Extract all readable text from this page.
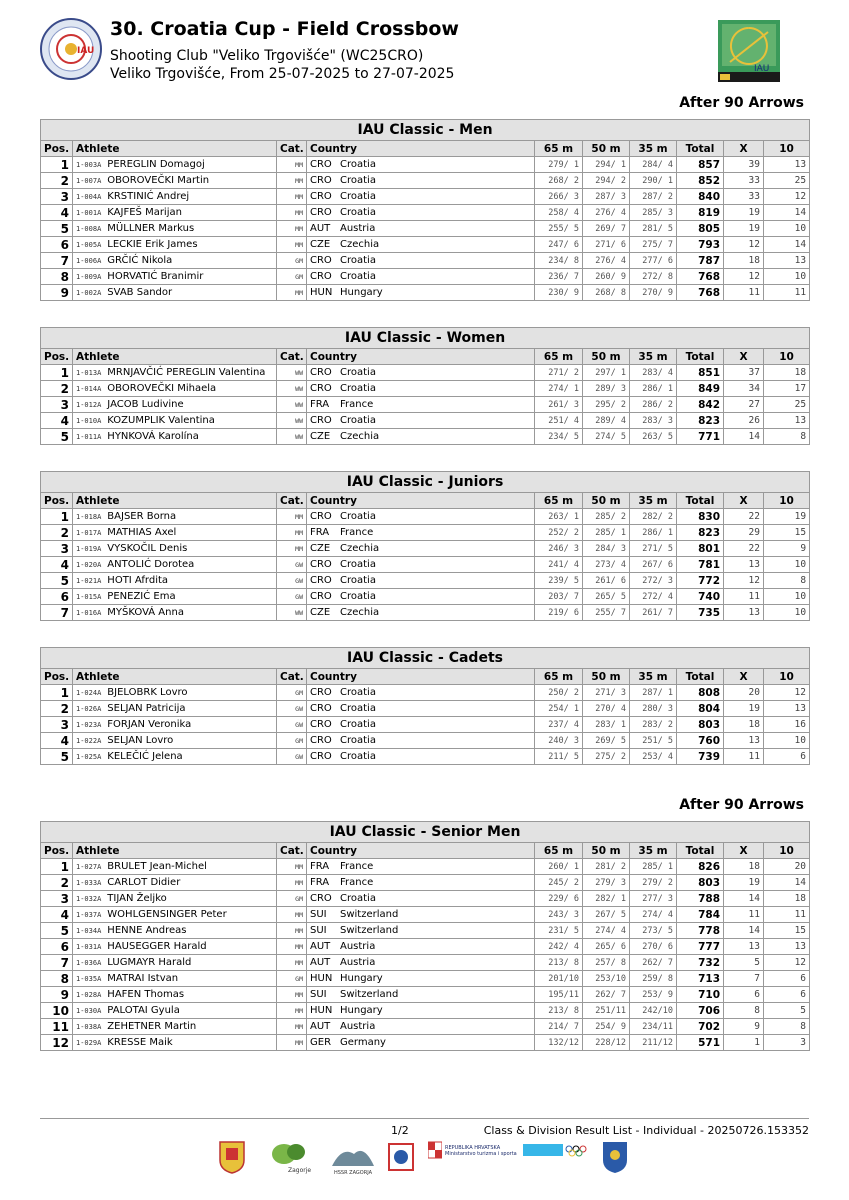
IAU
30. Croatia Cup - Field Crossbow
Shooting Club "Veliko Trgovišće" (WC25CRO)
Veliko Trgovišće, From 25-07-2025 to 27-07-2025	IAU
After 90 Arrows
After 90 Arrows
IAU Classic - Men									
Pos.	Athlete	Cat.	Country	65 m	50 m	35 m	Total	X	10
1	1-003A PEREGLIN Domagoj	MM	CRO Croatia	279/ 1	294/ 1	284/ 4	857	39	13
2	1-007A OBOROVEČKI Martin	MM	CRO Croatia	268/ 2	294/ 2	290/ 1	852	33	25
3	1-004A KRSTINIĆ Andrej	MM	CRO Croatia	266/ 3	287/ 3	287/ 2	840	33	12
4	1-001A KAJFEŠ Marijan	MM	CRO Croatia	258/ 4	276/ 4	285/ 3	819	19	14
5	1-008A MÜLLNER Markus	MM	AUT Austria	255/ 5	269/ 7	281/ 5	805	19	10
6	1-005A LECKIE Erik James	MM	CZE Czechia	247/ 6	271/ 6	275/ 7	793	12	14
7	1-006A GRČIĆ Nikola	GM	CRO Croatia	234/ 8	276/ 4	277/ 6	787	18	13
8	1-009A HORVATIĆ Branimir	GM	CRO Croatia	236/ 7	260/ 9	272/ 8	768	12	10
9	1-002A SVAB Sandor	MM	HUN Hungary	230/ 9	268/ 8	270/ 9	768	11	11
IAU Classic - Women									
Pos.	Athlete	Cat.	Country	65 m	50 m	35 m	Total	X	10
1	1-013A MRNJAVČIĆ PEREGLIN Valentina	WW	CRO Croatia	271/ 2	297/ 1	283/ 4	851	37	18
2	1-014A OBOROVEČKI Mihaela	WW	CRO Croatia	274/ 1	289/ 3	286/ 1	849	34	17
3	1-012A JACOB Ludivine	WW	FRA France	261/ 3	295/ 2	286/ 2	842	27	25
4	1-010A KOZUMPLIK Valentina	WW	CRO Croatia	251/ 4	289/ 4	283/ 3	823	26	13
5	1-011A HYNKOVÁ Karolína	WW	CZE Czechia	234/ 5	274/ 5	263/ 5	771	14	8
IAU Classic - Juniors									
Pos.	Athlete	Cat.	Country	65 m	50 m	35 m	Total	X	10
1	1-018A BAJSER Borna	MM	CRO Croatia	263/ 1	285/ 2	282/ 2	830	22	19
2	1-017A MATHIAS Axel	MM	FRA France	252/ 2	285/ 1	286/ 1	823	29	15
3	1-019A VYSKOČIL Denis	MM	CZE Czechia	246/ 3	284/ 3	271/ 5	801	22	9
4	1-020A ANTOLIĆ Dorotea	GW	CRO Croatia	241/ 4	273/ 4	267/ 6	781	13	10
5	1-021A HOTI Afrdita	GW	CRO Croatia	239/ 5	261/ 6	272/ 3	772	12	8
6	1-015A PENEZIĆ Ema	GW	CRO Croatia	203/ 7	265/ 5	272/ 4	740	11	10
7	1-016A MYŠKOVÁ Anna	WW	CZE Czechia	219/ 6	255/ 7	261/ 7	735	13	10
IAU Classic - Cadets									
Pos.	Athlete	Cat.	Country	65 m	50 m	35 m	Total	X	10
1	1-024A BJELOBRK Lovro	GM	CRO Croatia	250/ 2	271/ 3	287/ 1	808	20	12
2	1-026A SELJAN Patricija	GW	CRO Croatia	254/ 1	270/ 4	280/ 3	804	19	13
3	1-023A FORJAN Veronika	GW	CRO Croatia	237/ 4	283/ 1	283/ 2	803	18	16
4	1-022A SELJAN Lovro	GM	CRO Croatia	240/ 3	269/ 5	251/ 5	760	13	10
5	1-025A KELEČIĆ Jelena	GW	CRO Croatia	211/ 5	275/ 2	253/ 4	739	11	6
IAU Classic - Senior Men									
Pos.	Athlete	Cat.	Country	65 m	50 m	35 m	Total	X	10
1	1-027A BRULET Jean-Michel	MM	FRA France	260/ 1	281/ 2	285/ 1	826	18	20
2	1-033A CARLOT Didier	MM	FRA France	245/ 2	279/ 3	279/ 2	803	19	14
3	1-032A TIJAN Željko	GM	CRO Croatia	229/ 6	282/ 1	277/ 3	788	14	18
4	1-037A WOHLGENSINGER Peter	MM	SUI Switzerland	243/ 3	267/ 5	274/ 4	784	11	11
5	1-034A HENNE Andreas	MM	SUI Switzerland	231/ 5	274/ 4	273/ 5	778	14	15
6	1-031A HAUSEGGER Harald	MM	AUT Austria	242/ 4	265/ 6	270/ 6	777	13	13
7	1-036A LUGMAYR Harald	MM	AUT Austria	213/ 8	257/ 8	262/ 7	732	5	12
8	1-035A MATRAI Istvan	GM	HUN Hungary	201/10	253/10	259/ 8	713	7	6
9	1-028A HAFEN Thomas	MM	SUI Switzerland	195/11	262/ 7	253/ 9	710	6	6
10	1-030A PALOTAI Gyula	MM	HUN Hungary	213/ 8	251/11	242/10	706	8	5
11	1-038A ZEHETNER Martin	MM	AUT Austria	214/ 7	254/ 9	234/11	702	9	8
12	1-029A KRESSE Maik	MM	GER Germany	132/12	228/12	211/12	571	1	3
1/2	Class & Division Result List - Individual - 20250726.153352
Zagorje	HSSR ZAGORJA
REPUBLIKA HRVATSKA Ministarstvo turizma i sporta
